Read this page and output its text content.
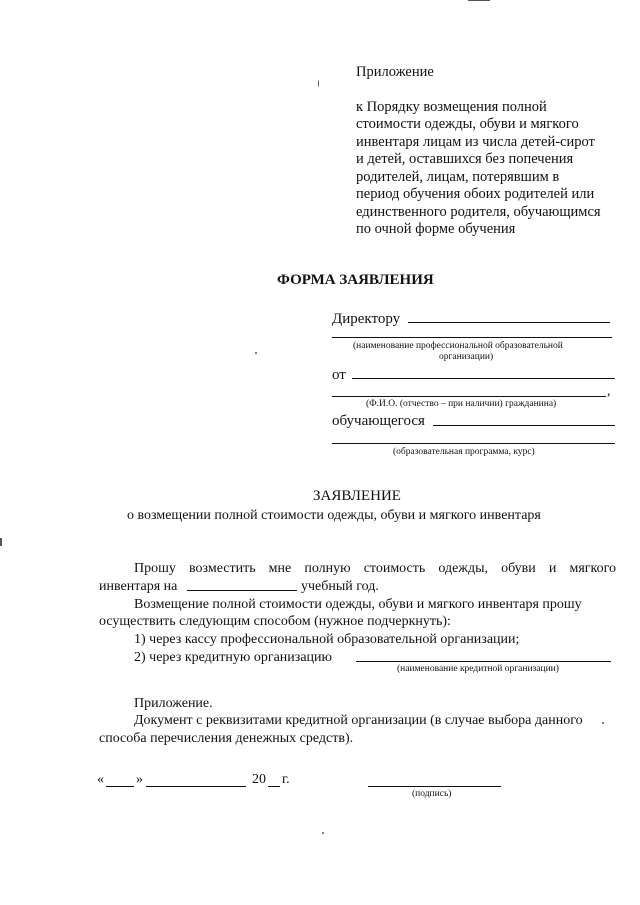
Приложение

к Порядку возмещения полной

стоимости одежды, обуви и мягкого

инвентаря лицам из числа детей-сирот

и детей, оставшихся без попечения

родителей, лицам, потерявшим в

период обучения обоих родителей или

единственного родителя, обучающимся

по очной форме обучения

ФОРМА ЗАЯВЛЕНИЯ
Директору
(наименование профессиональной образовательной
организации)
от
,
(Ф.И.О. (отчество – при наличии) гражданина)
обучающегося
(образовательная программа, курс)
ЗАЯВЛЕНИЕ
о возмещении полной стоимости одежды, обуви и мягкого инвентаря
Прошу возместить мне полную стоимость одежды, обуви и мягкого
инвентаря на	учебный год.
Возмещение полной стоимости одежды, обуви и мягкого инвентаря прошу
осуществить следующим способом (нужное подчеркнуть):
1) через кассу профессиональной образовательной организации;
2) через кредитную организацию
(наименование кредитной организации)
Приложение.
Документ с реквизитами кредитной организации (в случае выбора данного
способа перечисления денежных средств).
« »	20 г.
(подпись)
